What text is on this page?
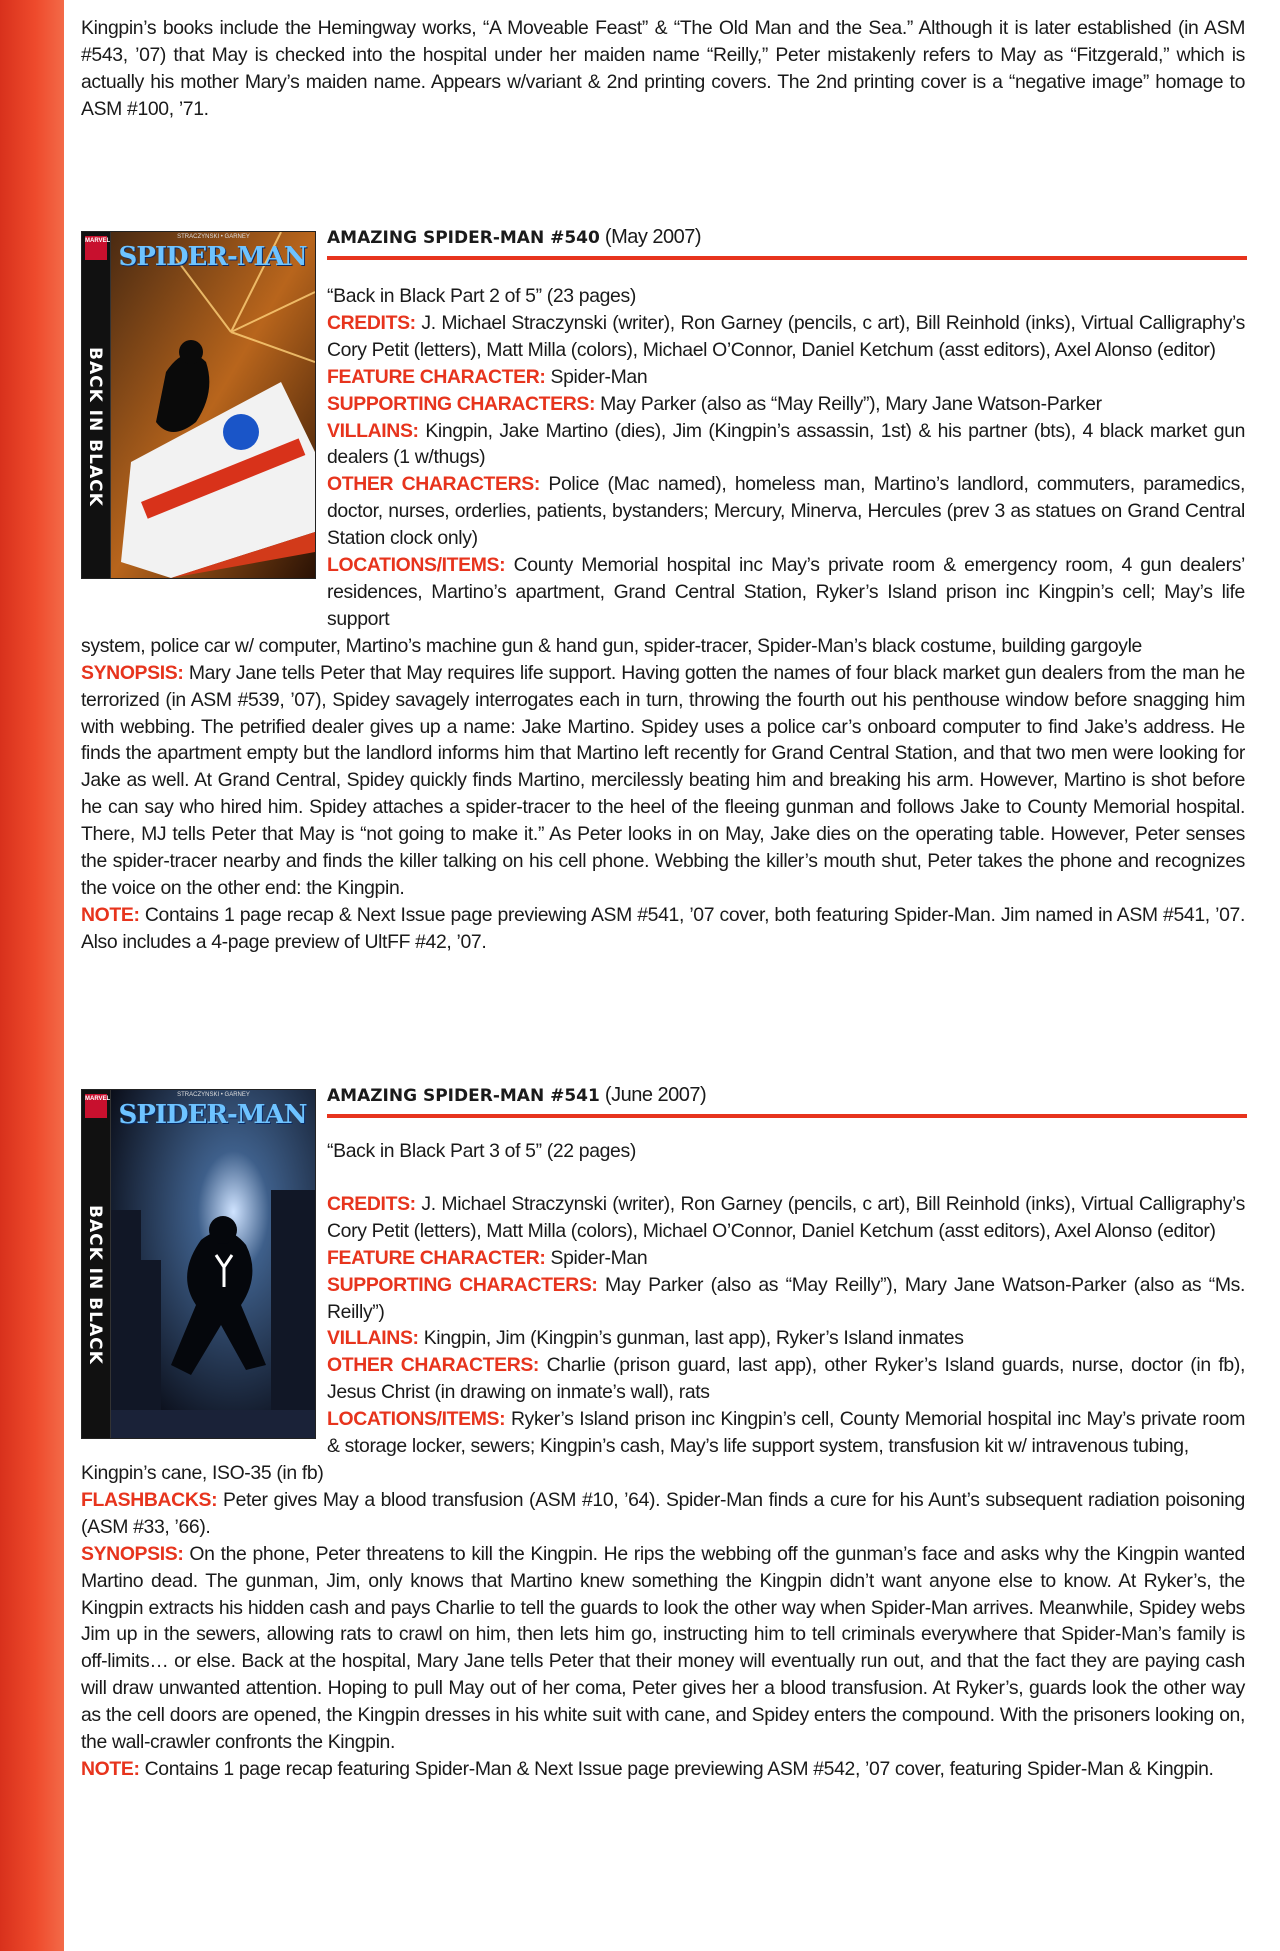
Kingpin’s books include the Hemingway works, “A Moveable Feast” & “The Old Man and the Sea.” Although it is later established (in ASM #543, ’07) that May is checked into the hospital under her maiden name “Reilly,” Peter mistakenly refers to May as “Fitzgerald,” which is actually his mother Mary’s maiden name. Appears w/variant & 2nd printing covers. The 2nd printing cover is a “negative image” homage to ASM #100, ’71.

MARVEL
BACK IN BLACK
STRACZYNSKI • GARNEY
SPIDER-MAN
AMAZING SPIDER-MAN #540 (May 2007)

“Back in Black Part 2 of 5” (23 pages)

CREDITS: J. Michael Straczynski (writer), Ron Garney (pencils, c art), Bill Reinhold (inks), Virtual Calligraphy’s Cory Petit (letters), Matt Milla (colors), Michael O’Connor, Daniel Ketchum (asst editors), Axel Alonso (editor)

FEATURE CHARACTER: Spider-Man

SUPPORTING CHARACTERS: May Parker (also as “May Reilly”), Mary Jane Watson-Parker

VILLAINS: Kingpin, Jake Martino (dies), Jim (Kingpin’s assassin, 1st) & his partner (bts), 4 black market gun dealers (1 w/thugs)

OTHER CHARACTERS: Police (Mac named), homeless man, Martino’s landlord, commuters, paramedics, doctor, nurses, orderlies, patients, bystanders; Mercury, Minerva, Hercules (prev 3 as statues on Grand Central Station clock only)

LOCATIONS/ITEMS: County Memorial hospital inc May’s private room & emergency room, 4 gun dealers’ residences, Martino’s apartment, Grand Central Station, Ryker’s Island prison inc Kingpin’s cell; May’s life support

system, police car w/ computer, Martino’s machine gun & hand gun, spider-tracer, Spider-Man’s black costume, building gargoyle

SYNOPSIS: Mary Jane tells Peter that May requires life support. Having gotten the names of four black market gun dealers from the man he terrorized (in ASM #539, ’07), Spidey savagely interrogates each in turn, throwing the fourth out his penthouse window before snagging him with webbing. The petrified dealer gives up a name: Jake Martino. Spidey uses a police car’s onboard computer to find Jake’s address. He finds the apartment empty but the landlord informs him that Martino left recently for Grand Central Station, and that two men were looking for Jake as well. At Grand Central, Spidey quickly finds Martino, mercilessly beating him and breaking his arm. However, Martino is shot before he can say who hired him. Spidey attaches a spider-tracer to the heel of the fleeing gunman and follows Jake to County Memorial hospital. There, MJ tells Peter that May is “not going to make it.” As Peter looks in on May, Jake dies on the operating table. However, Peter senses the spider-tracer nearby and finds the killer talking on his cell phone. Webbing the killer’s mouth shut, Peter takes the phone and recognizes the voice on the other end: the Kingpin.

NOTE: Contains 1 page recap & Next Issue page previewing ASM #541, ’07 cover, both featuring Spider-Man. Jim named in ASM #541, ’07. Also includes a 4-page preview of UltFF #42, ’07.

MARVEL
BACK IN BLACK
STRACZYNSKI • GARNEY
SPIDER-MAN
AMAZING SPIDER-MAN #541 (June 2007)

“Back in Black Part 3 of 5” (22 pages)

CREDITS: J. Michael Straczynski (writer), Ron Garney (pencils, c art), Bill Reinhold (inks), Virtual Calligraphy’s Cory Petit (letters), Matt Milla (colors), Michael O’Connor, Daniel Ketchum (asst editors), Axel Alonso (editor)

FEATURE CHARACTER: Spider-Man

SUPPORTING CHARACTERS: May Parker (also as “May Reilly”), Mary Jane Watson-Parker (also as “Ms. Reilly”)

VILLAINS: Kingpin, Jim (Kingpin’s gunman, last app), Ryker’s Island inmates

OTHER CHARACTERS: Charlie (prison guard, last app), other Ryker’s Island guards, nurse, doctor (in fb), Jesus Christ (in drawing on inmate’s wall), rats

LOCATIONS/ITEMS: Ryker’s Island prison inc Kingpin’s cell, County Memorial hospital inc May’s private room & storage locker, sewers; Kingpin’s cash, May’s life support system, transfusion kit w/ intravenous tubing,

Kingpin’s cane, ISO-35 (in fb)

FLASHBACKS: Peter gives May a blood transfusion (ASM #10, ’64). Spider-Man finds a cure for his Aunt’s subsequent radiation poisoning (ASM #33, ’66).

SYNOPSIS: On the phone, Peter threatens to kill the Kingpin. He rips the webbing off the gunman’s face and asks why the Kingpin wanted Martino dead. The gunman, Jim, only knows that Martino knew something the Kingpin didn’t want anyone else to know. At Ryker’s, the Kingpin extracts his hidden cash and pays Charlie to tell the guards to look the other way when Spider-Man arrives. Meanwhile, Spidey webs Jim up in the sewers, allowing rats to crawl on him, then lets him go, instructing him to tell criminals everywhere that Spider-Man’s family is off-limits… or else. Back at the hospital, Mary Jane tells Peter that their money will eventually run out, and that the fact they are paying cash will draw unwanted attention. Hoping to pull May out of her coma, Peter gives her a blood transfusion. At Ryker’s, guards look the other way as the cell doors are opened, the Kingpin dresses in his white suit with cane, and Spidey enters the compound. With the prisoners looking on, the wall-crawler confronts the Kingpin.

NOTE: Contains 1 page recap featuring Spider-Man & Next Issue page previewing ASM #542, ’07 cover, featuring Spider-Man & Kingpin.
